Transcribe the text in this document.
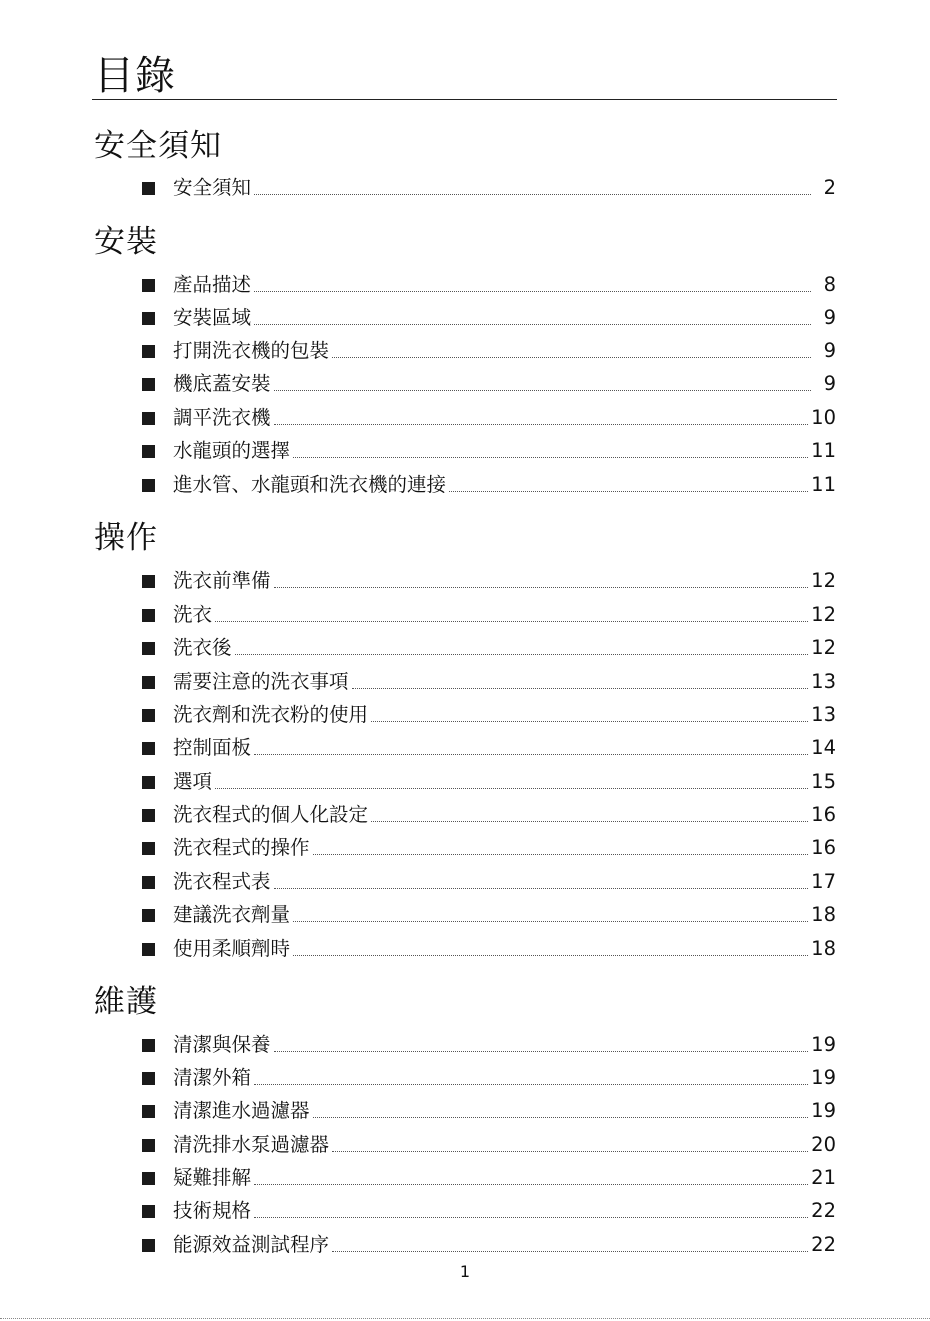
目錄
安全須知
安全須知	2
安裝
產品描述	8
安裝區域	9
打開洗衣機的包裝	9
機底蓋安裝	9
調平洗衣機	10
水龍頭的選擇	11
進水管、水龍頭和洗衣機的連接	11
操作
洗衣前準備	12
洗衣	12
洗衣後	12
需要注意的洗衣事項	13
洗衣劑和洗衣粉的使用	13
控制面板	14
選項	15
洗衣程式的個人化設定	16
洗衣程式的操作	16
洗衣程式表	17
建議洗衣劑量	18
使用柔順劑時	18
維護
清潔與保養	19
清潔外箱	19
清潔進水過濾器	19
清洗排水泵過濾器	20
疑難排解	21
技術規格	22
能源效益測試程序	22
1
